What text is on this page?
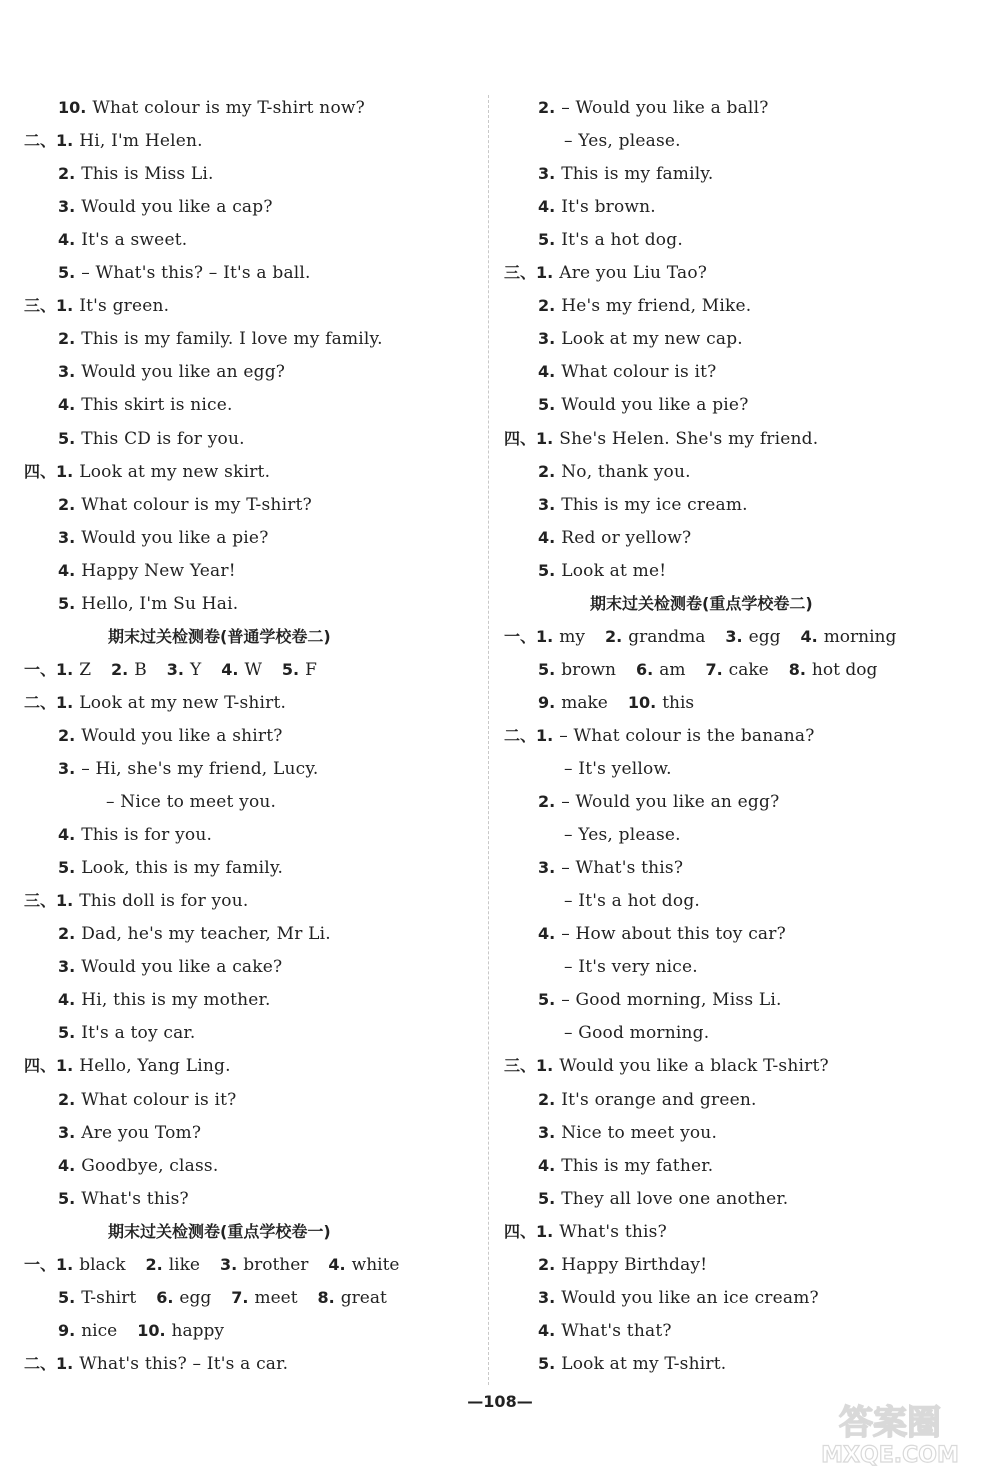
10. What colour is my T-shirt now?
二、1. Hi, I'm Helen.
2. This is Miss Li.
3. Would you like a cap?
4. It's a sweet.
5. – What's this? – It's a ball.
三、1. It's green.
2. This is my family. I love my family.
3. Would you like an egg?
4. This skirt is nice.
5. This CD is for you.
四、1. Look at my new skirt.
2. What colour is my T-shirt?
3. Would you like a pie?
4. Happy New Year!
5. Hello, I'm Su Hai.
期末过关检测卷(普通学校卷二)
一、1. Z 2. B 3. Y 4. W 5. F
二、1. Look at my new T-shirt.
2. Would you like a shirt?
3. – Hi, she's my friend, Lucy.
– Nice to meet you.
4. This is for you.
5. Look, this is my family.
三、1. This doll is for you.
2. Dad, he's my teacher, Mr Li.
3. Would you like a cake?
4. Hi, this is my mother.
5. It's a toy car.
四、1. Hello, Yang Ling.
2. What colour is it?
3. Are you Tom?
4. Goodbye, class.
5. What's this?
期末过关检测卷(重点学校卷一)
一、1. black 2. like 3. brother 4. white
5. T-shirt 6. egg 7. meet 8. great
9. nice 10. happy
二、1. What's this? – It's a car.
2. – Would you like a ball?
– Yes, please.
3. This is my family.
4. It's brown.
5. It's a hot dog.
三、1. Are you Liu Tao?
2. He's my friend, Mike.
3. Look at my new cap.
4. What colour is it?
5. Would you like a pie?
四、1. She's Helen. She's my friend.
2. No, thank you.
3. This is my ice cream.
4. Red or yellow?
5. Look at me!
期末过关检测卷(重点学校卷二)
一、1. my 2. grandma 3. egg 4. morning
5. brown 6. am 7. cake 8. hot dog
9. make 10. this
二、1. – What colour is the banana?
– It's yellow.
2. – Would you like an egg?
– Yes, please.
3. – What's this?
– It's a hot dog.
4. – How about this toy car?
– It's very nice.
5. – Good morning, Miss Li.
– Good morning.
三、1. Would you like a black T-shirt?
2. It's orange and green.
3. Nice to meet you.
4. This is my father.
5. They all love one another.
四、1. What's this?
2. Happy Birthday!
3. Would you like an ice cream?
4. What's that?
5. Look at my T-shirt.
—108—
答案圈
MXQE.COM
